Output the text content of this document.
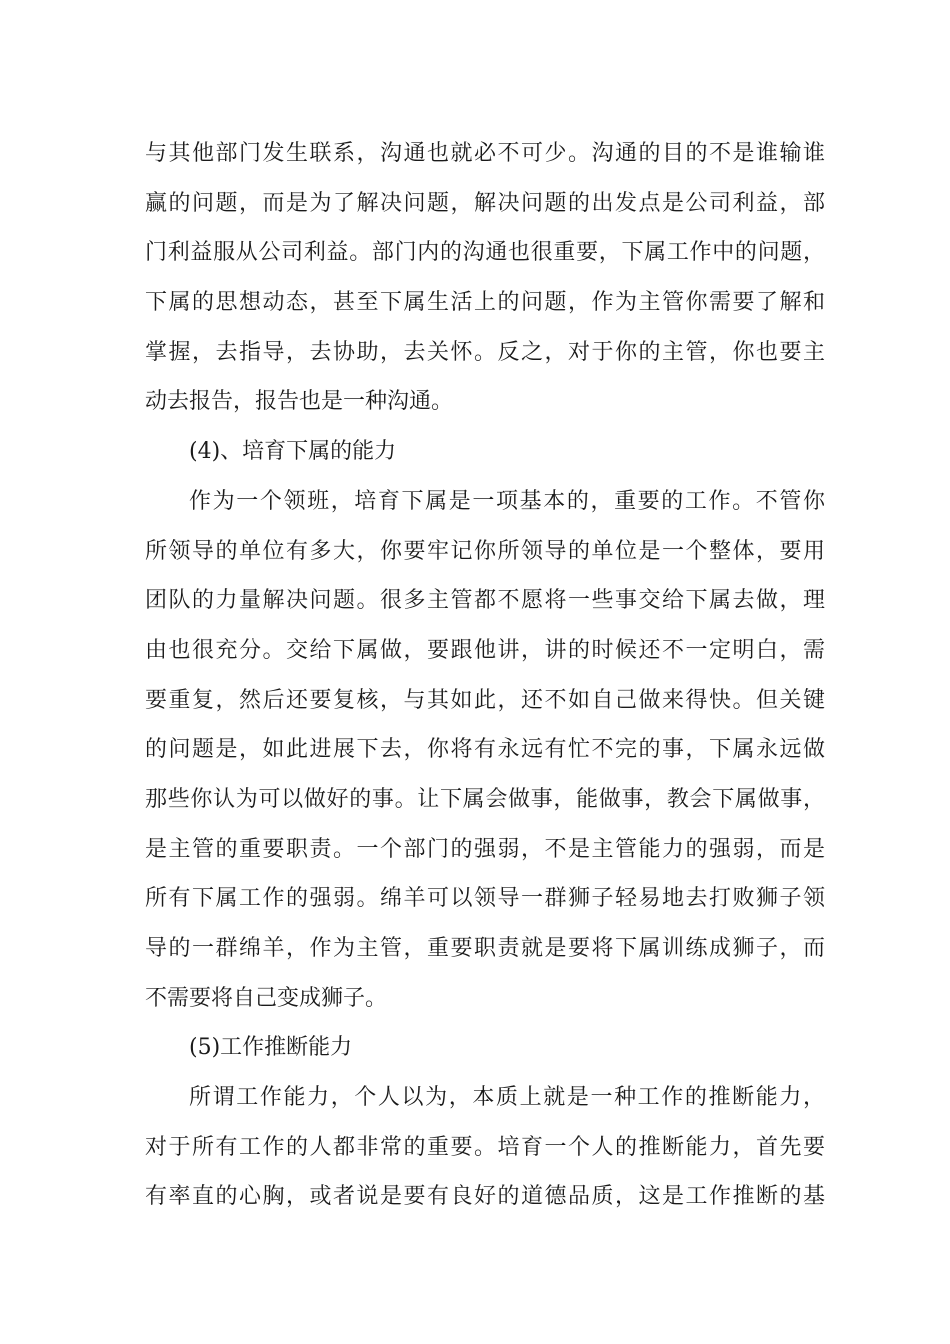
与其他部门发生联系，沟通也就必不可少。沟通的目的不是谁输谁
赢的问题，而是为了解决问题，解决问题的出发点是公司利益，部
门利益服从公司利益。部门内的沟通也很重要，下属工作中的问题，
下属的思想动态，甚至下属生活上的问题，作为主管你需要了解和
掌握，去指导，去协助，去关怀。反之，对于你的主管，你也要主
动去报告，报告也是一种沟通。
(4)、培育下属的能力
作为一个领班，培育下属是一项基本的，重要的工作。不管你
所领导的单位有多大，你要牢记你所领导的单位是一个整体，要用
团队的力量解决问题。很多主管都不愿将一些事交给下属去做，理
由也很充分。交给下属做，要跟他讲，讲的时候还不一定明白，需
要重复，然后还要复核，与其如此，还不如自己做来得快。但关键
的问题是，如此进展下去，你将有永远有忙不完的事，下属永远做
那些你认为可以做好的事。让下属会做事，能做事，教会下属做事，
是主管的重要职责。一个部门的强弱，不是主管能力的强弱，而是
所有下属工作的强弱。绵羊可以领导一群狮子轻易地去打败狮子领
导的一群绵羊，作为主管，重要职责就是要将下属训练成狮子，而
不需要将自己变成狮子。
(5)工作推断能力
所谓工作能力，个人以为，本质上就是一种工作的推断能力，
对于所有工作的人都非常的重要。培育一个人的推断能力，首先要
有率直的心胸，或者说是要有良好的道德品质，这是工作推断的基
